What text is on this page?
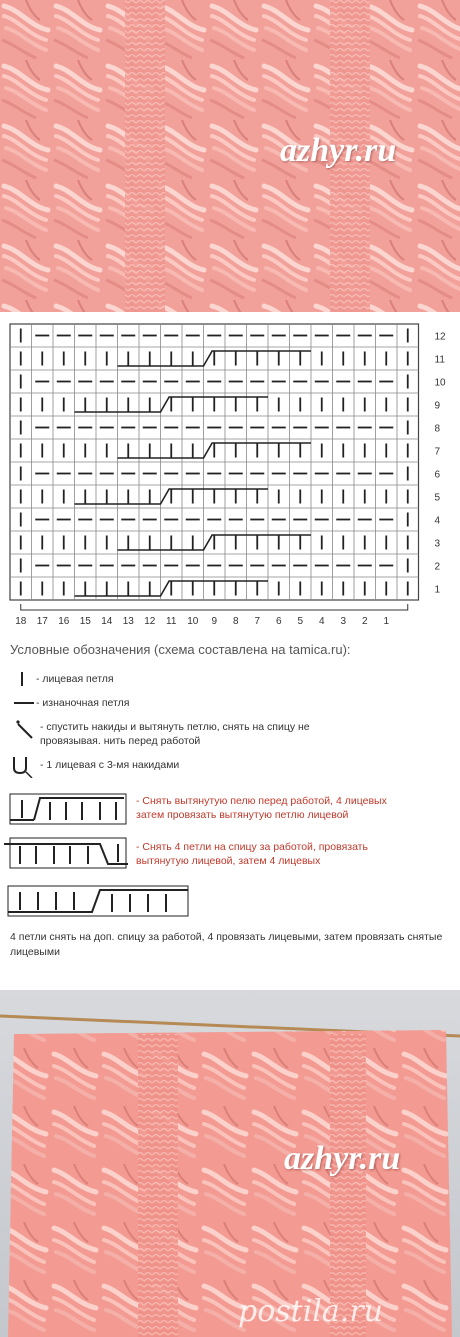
azhyr.ru
12
11
10
9
8
7
6
5
4
3
2
1
18 17 16 15 14 13 12 11 10 9 8 7 6 5 4 3 2 1
Условные обозначения (схема составлена на tamica.ru):
- лицевая петля
- изнаночная петля
- спустить накиды и вытянуть петлю, снять на спицу не провязывая. нить перед работой
- 1 лицевая с 3-мя накидами
- Снять вытянутую пелю перед работой, 4 лицевых затем провязать вытянутую петлю лицевой
- Снять 4 петли на спицу за работой, провязать вытянутую лицевой, затем 4 лицевых
4 петли снять на доп. спицу за работой, 4 провязать лицевыми, затем провязать снятые лицевыми
azhyr.ru
postila.ru
